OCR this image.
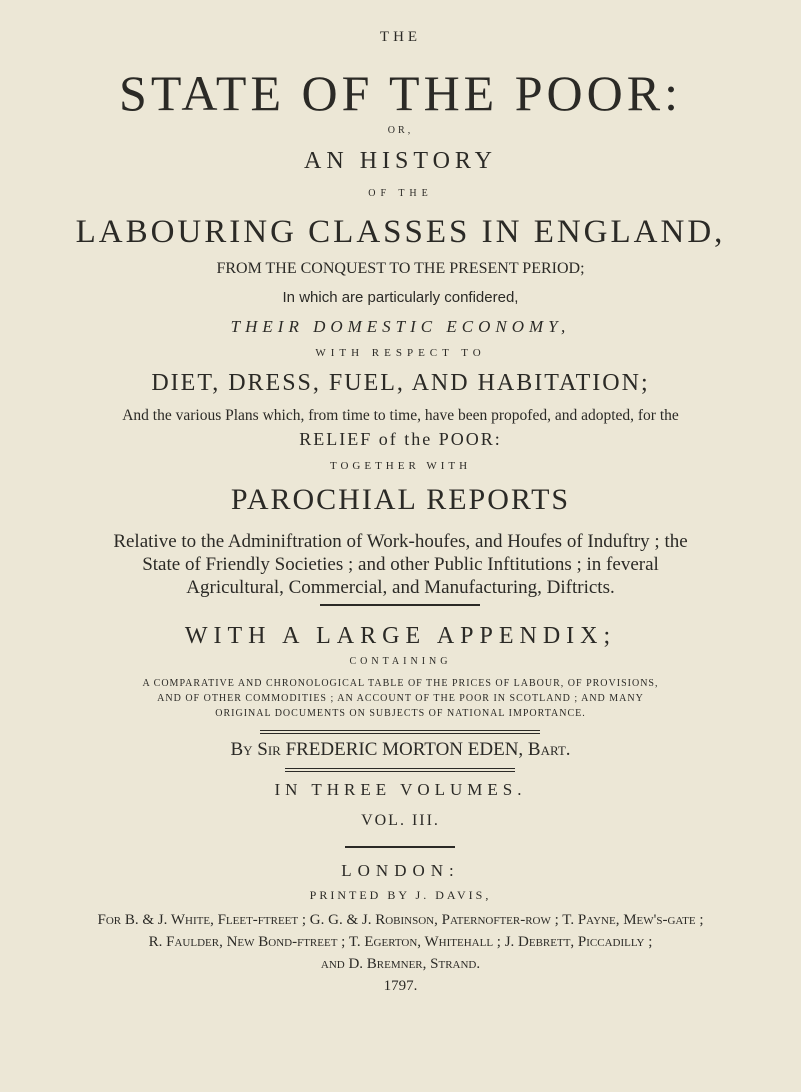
THE

STATE OF THE POOR:

OR,

AN HISTORY

OF THE

LABOURING CLASSES IN ENGLAND,

FROM THE CONQUEST TO THE PRESENT PERIOD;

In which are particularly confidered,

THEIR DOMESTIC ECONOMY,

WITH RESPECT TO

DIET, DRESS, FUEL, AND HABITATION;

And the various Plans which, from time to time, have been propofed, and adopted, for the

RELIEF of the POOR:

TOGETHER WITH

PAROCHIAL REPORTS

Relative to the Adminiftration of Work-houfes, and Houfes of Induftry ; the

State of Friendly Societies ; and other Public Inftitutions ; in feveral

Agricultural, Commercial, and Manufacturing, Diftricts.

WITH A LARGE APPENDIX;

CONTAINING

A COMPARATIVE AND CHRONOLOGICAL TABLE OF THE PRICES OF LABOUR, OF PROVISIONS,

AND OF OTHER COMMODITIES ; AN ACCOUNT OF THE POOR IN SCOTLAND ; AND MANY

ORIGINAL DOCUMENTS ON SUBJECTS OF NATIONAL IMPORTANCE.

By Sir FREDERIC MORTON EDEN, Bart.

IN THREE VOLUMES.

VOL. III.

LONDON:

PRINTED BY J. DAVIS,

For B. & J. White, Fleet-ftreet ; G. G. & J. Robinson, Paternofter-row ; T. Payne, Mew's-gate ;

R. Faulder, New Bond-ftreet ; T. Egerton, Whitehall ; J. Debrett, Piccadilly ;

and D. Bremner, Strand.

1797.
